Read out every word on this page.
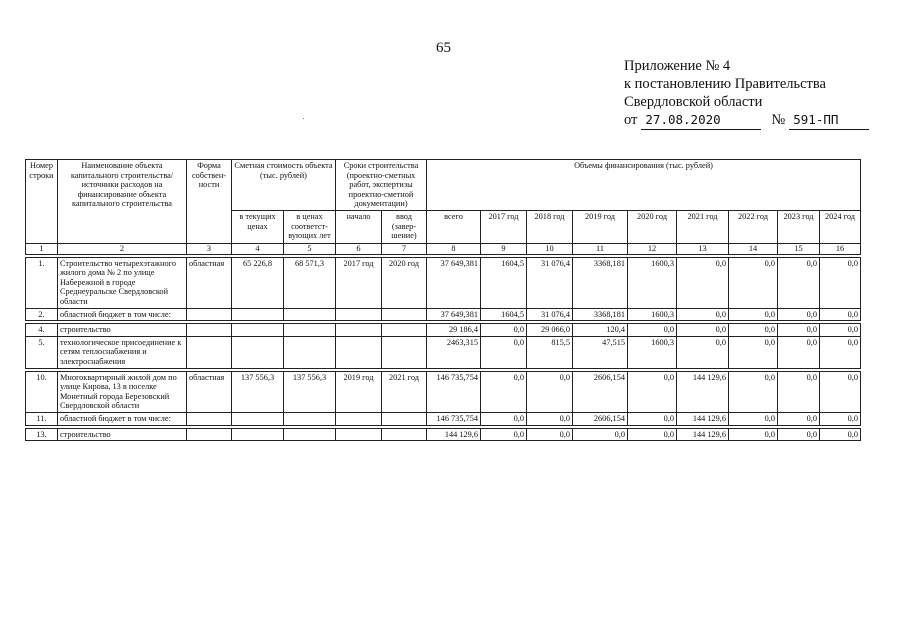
65
Приложение № 4
к постановлению Правительства
Свердловской области
от 27.08.2020	№ 591-ПП
Номер строки	Наименование объекта капитального строительства/ источники расходов на финансирование объекта капитального строительства	Форма собствен-ности	Сметная стоимость объекта (тыс. рублей)		Сроки строительства (проектно-сметных работ, экспертизы проектно-сметной документации)		Объемы финансирования (тыс. рублей)								
			в текущих ценах	в ценах соответст-вующих лет	начало	ввод (завер-шение)	всего	2017 год	2018 год	2019 год	2020 год	2021 год	2022 год	2023 год	2024 год
1	2	3	4	5	6	7	8	9	10	11	12	13	14	15	16

1.	Строительство четырехэтажного жилого дома № 2 по улице Набережной в городе Среднеуральске Свердловской области	областная	65 226,8	68 571,3	2017 год	2020 год	37 649,381	1604,5	31 076,4	3368,181	1600,3	0,0	0,0	0,0	0,0
2.	областной бюджет в том числе:						37 649,381	1604,5	31 076,4	3368,181	1600,3	0,0	0,0	0,0	0,0

4.	строительство						29 186,4	0,0	29 066,0	120,4	0,0	0,0	0,0	0,0	0,0
5.	технологическое присоединение к сетям теплоснабжения и электроснабжения						2463,315	0,0	815,5	47,515	1600,3	0,0	0,0	0,0	0,0

10.	Многоквартирный жилой дом по улице Кирова, 13 в поселке Монетный города Березовский Свердловской области	областная	137 556,3	137 556,3	2019 год	2021 год	146 735,754	0,0	0,0	2606,154	0,0	144 129,6	0,0	0,0	0,0
11.	областной бюджет в том числе:						146 735,754	0,0	0,0	2606,154	0,0	144 129,6	0,0	0,0	0,0

13.	строительство						144 129,6	0,0	0,0	0,0	0,0	144 129,6	0,0	0,0	0,0
